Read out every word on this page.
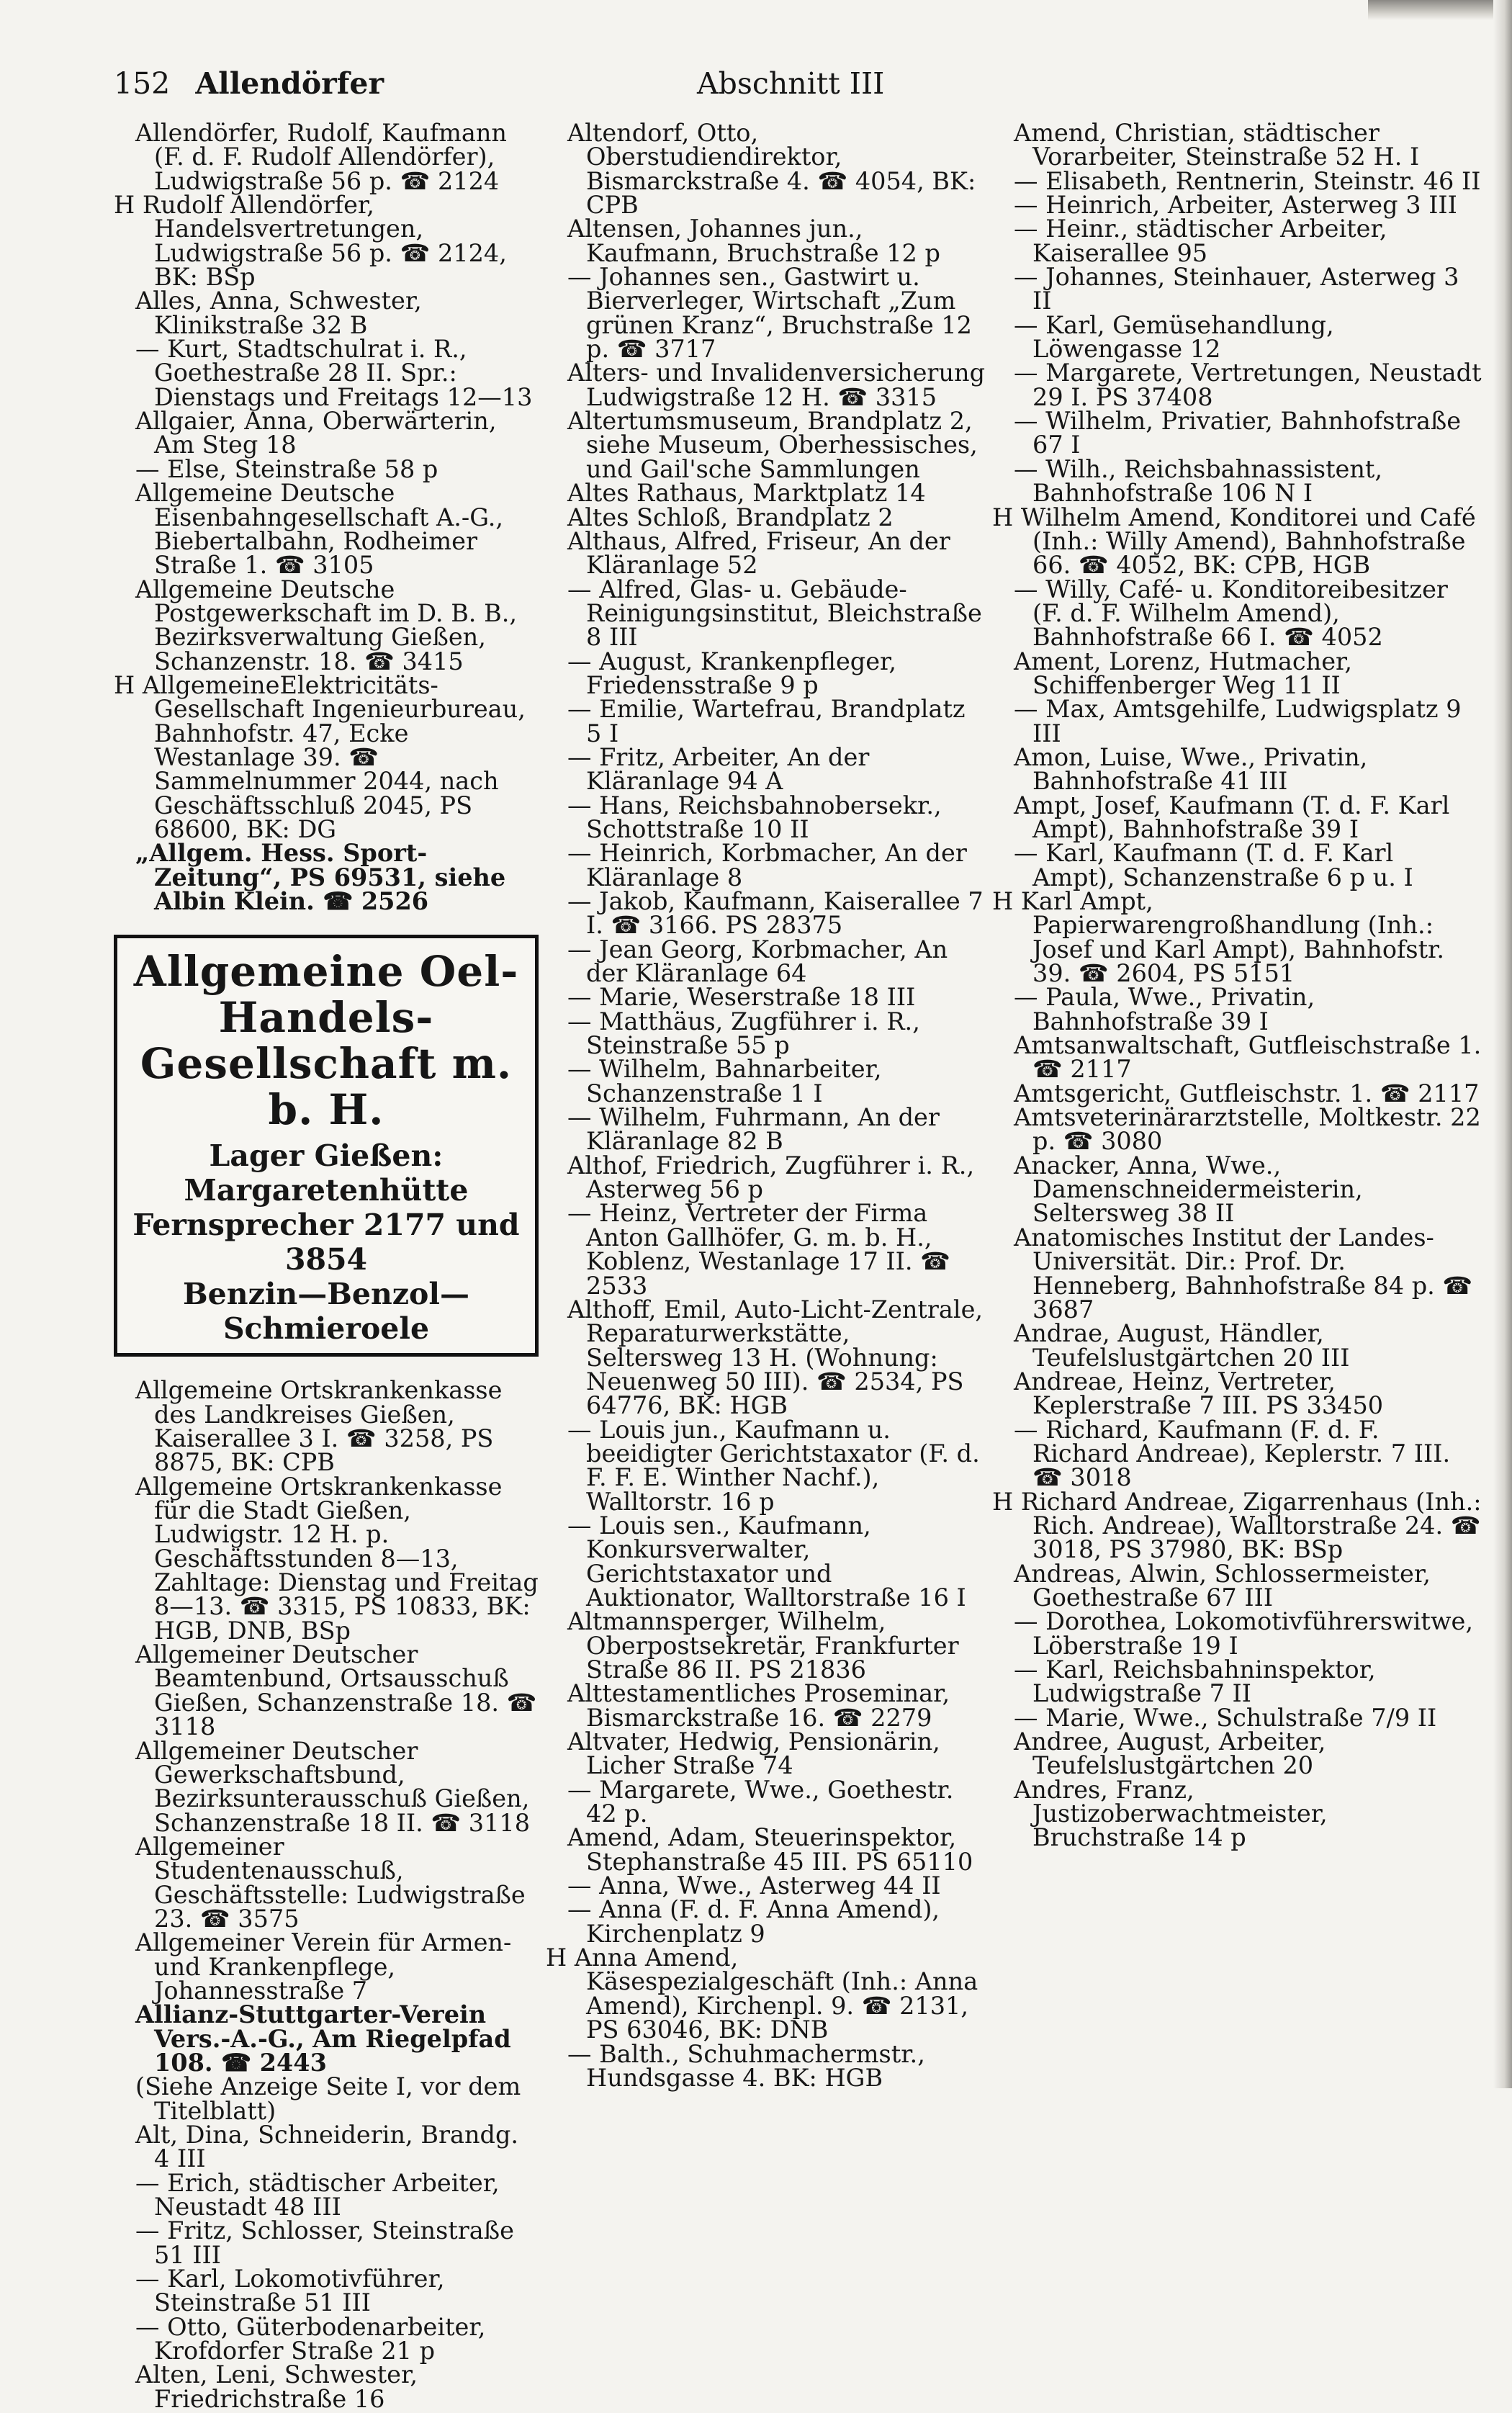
152 Allendörfer	Abschnitt III

Allendörfer, Rudolf, Kaufmann (F. d. F. Rudolf Allendörfer), Ludwigstraße 56 p. ☎ 2124

H Rudolf Allendörfer, Handelsvertretungen, Ludwigstraße 56 p. ☎ 2124, BK: BSp

Alles, Anna, Schwester, Klinikstraße 32 B

— Kurt, Stadtschulrat i. R., Goethestraße 28 II. Spr.: Dienstags und Freitags 12—13

Allgaier, Anna, Oberwärterin, Am Steg 18

— Else, Steinstraße 58 p

Allgemeine Deutsche Eisenbahngesellschaft A.-G., Biebertalbahn, Rodheimer Straße 1. ☎ 3105

Allgemeine Deutsche Postgewerkschaft im D. B. B., Bezirksverwaltung Gießen, Schanzenstr. 18. ☎ 3415

H AllgemeineElektricitäts-Gesellschaft Ingenieurbureau, Bahnhofstr. 47, Ecke Westanlage 39. ☎ Sammelnummer 2044, nach Geschäftsschluß 2045, PS 68600, BK: DG

„Allgem. Hess. Sport-Zeitung“, PS 69531, siehe Albin Klein. ☎ 2526

Allgemeine Oel-Handels-
Gesellschaft m. b. H.
Lager Gießen: Margaretenhütte
Fernsprecher 2177 und 3854
Benzin—Benzol—Schmieroele

Allgemeine Ortskrankenkasse des Landkreises Gießen, Kaiserallee 3 I. ☎ 3258, PS 8875, BK: CPB

Allgemeine Ortskrankenkasse für die Stadt Gießen, Ludwigstr. 12 H. p. Geschäftsstunden 8—13, Zahltage: Dienstag und Freitag 8—13. ☎ 3315, PS 10833, BK: HGB, DNB, BSp

Allgemeiner Deutscher Beamtenbund, Ortsausschuß Gießen, Schanzenstraße 18. ☎ 3118

Allgemeiner Deutscher Gewerkschaftsbund, Bezirksunterausschuß Gießen, Schanzenstraße 18 II. ☎ 3118

Allgemeiner Studentenausschuß, Geschäftsstelle: Ludwigstraße 23. ☎ 3575

Allgemeiner Verein für Armen- und Krankenpflege, Johannesstraße 7

Allianz-Stuttgarter-Verein Vers.-A.-G., Am Riegelpfad 108. ☎ 2443

(Siehe Anzeige Seite I, vor dem Titelblatt)

Alt, Dina, Schneiderin, Brandg. 4 III

— Erich, städtischer Arbeiter, Neustadt 48 III

— Fritz, Schlosser, Steinstraße 51 III

— Karl, Lokomotivführer, Steinstraße 51 III

— Otto, Güterbodenarbeiter, Krofdorfer Straße 21 p

Alten, Leni, Schwester, Friedrichstraße 16

Altendorf, Otto, Oberstudiendirektor, Bismarckstraße 4. ☎ 4054, BK: CPB

Altensen, Johannes jun., Kaufmann, Bruchstraße 12 p

— Johannes sen., Gastwirt u. Bierverleger, Wirtschaft „Zum grünen Kranz“, Bruchstraße 12 p. ☎ 3717

Alters- und Invalidenversicherung Ludwigstraße 12 H. ☎ 3315

Altertumsmuseum, Brandplatz 2, siehe Museum, Oberhessisches, und Gail'sche Sammlungen

Altes Rathaus, Marktplatz 14

Altes Schloß, Brandplatz 2

Althaus, Alfred, Friseur, An der Kläranlage 52

— Alfred, Glas- u. Gebäude-Reinigungsinstitut, Bleichstraße 8 III

— August, Krankenpfleger, Friedensstraße 9 p

— Emilie, Wartefrau, Brandplatz 5 I

— Fritz, Arbeiter, An der Kläranlage 94 A

— Hans, Reichsbahnobersekr., Schottstraße 10 II

— Heinrich, Korbmacher, An der Kläranlage 8

— Jakob, Kaufmann, Kaiserallee 7 I. ☎ 3166. PS 28375

— Jean Georg, Korbmacher, An der Kläranlage 64

— Marie, Weserstraße 18 III

— Matthäus, Zugführer i. R., Steinstraße 55 p

— Wilhelm, Bahnarbeiter, Schanzenstraße 1 I

— Wilhelm, Fuhrmann, An der Kläranlage 82 B

Althof, Friedrich, Zugführer i. R., Asterweg 56 p

— Heinz, Vertreter der Firma Anton Gallhöfer, G. m. b. H., Koblenz, Westanlage 17 II. ☎ 2533

Althoff, Emil, Auto-Licht-Zentrale, Reparaturwerkstätte, Seltersweg 13 H. (Wohnung: Neuenweg 50 III). ☎ 2534, PS 64776, BK: HGB

— Louis jun., Kaufmann u. beeidigter Gerichtstaxator (F. d. F. F. E. Winther Nachf.), Walltorstr. 16 p

— Louis sen., Kaufmann, Konkursverwalter, Gerichtstaxator und Auktionator, Walltorstraße 16 I

Altmannsperger, Wilhelm, Oberpostsekretär, Frankfurter Straße 86 II. PS 21836

Alttestamentliches Proseminar, Bismarckstraße 16. ☎ 2279

Altvater, Hedwig, Pensionärin, Licher Straße 74

— Margarete, Wwe., Goethestr. 42 p.

Amend, Adam, Steuerinspektor, Stephanstraße 45 III. PS 65110

— Anna, Wwe., Asterweg 44 II

— Anna (F. d. F. Anna Amend), Kirchenplatz 9

H Anna Amend, Käsespezialgeschäft (Inh.: Anna Amend), Kirchenpl. 9. ☎ 2131, PS 63046, BK: DNB

— Balth., Schuhmachermstr., Hundsgasse 4. BK: HGB

Amend, Christian, städtischer Vorarbeiter, Steinstraße 52 H. I

— Elisabeth, Rentnerin, Steinstr. 46 II

— Heinrich, Arbeiter, Asterweg 3 III

— Heinr., städtischer Arbeiter, Kaiserallee 95

— Johannes, Steinhauer, Asterweg 3 II

— Karl, Gemüsehandlung, Löwengasse 12

— Margarete, Vertretungen, Neustadt 29 I. PS 37408

— Wilhelm, Privatier, Bahnhofstraße 67 I

— Wilh., Reichsbahnassistent, Bahnhofstraße 106 N I

H Wilhelm Amend, Konditorei und Café (Inh.: Willy Amend), Bahnhofstraße 66. ☎ 4052, BK: CPB, HGB

— Willy, Café- u. Konditoreibesitzer (F. d. F. Wilhelm Amend), Bahnhofstraße 66 I. ☎ 4052

Ament, Lorenz, Hutmacher, Schiffenberger Weg 11 II

— Max, Amtsgehilfe, Ludwigsplatz 9 III

Amon, Luise, Wwe., Privatin, Bahnhofstraße 41 III

Ampt, Josef, Kaufmann (T. d. F. Karl Ampt), Bahnhofstraße 39 I

— Karl, Kaufmann (T. d. F. Karl Ampt), Schanzenstraße 6 p u. I

H Karl Ampt, Papierwarengroßhandlung (Inh.: Josef und Karl Ampt), Bahnhofstr. 39. ☎ 2604, PS 5151

— Paula, Wwe., Privatin, Bahnhofstraße 39 I

Amtsanwaltschaft, Gutfleischstraße 1. ☎ 2117

Amtsgericht, Gutfleischstr. 1. ☎ 2117

Amtsveterinärarztstelle, Moltkestr. 22 p. ☎ 3080

Anacker, Anna, Wwe., Damenschneidermeisterin, Seltersweg 38 II

Anatomisches Institut der Landes-Universität. Dir.: Prof. Dr. Henneberg, Bahnhofstraße 84 p. ☎ 3687

Andrae, August, Händler, Teufelslustgärtchen 20 III

Andreae, Heinz, Vertreter, Keplerstraße 7 III. PS 33450

— Richard, Kaufmann (F. d. F. Richard Andreae), Keplerstr. 7 III. ☎ 3018

H Richard Andreae, Zigarrenhaus (Inh.: Rich. Andreae), Walltorstraße 24. ☎ 3018, PS 37980, BK: BSp

Andreas, Alwin, Schlossermeister, Goethestraße 67 III

— Dorothea, Lokomotivführerswitwe, Löberstraße 19 I

— Karl, Reichsbahninspektor, Ludwigstraße 7 II

— Marie, Wwe., Schulstraße 7/9 II

Andree, August, Arbeiter, Teufelslustgärtchen 20

Andres, Franz, Justizoberwachtmeister, Bruchstraße 14 p
